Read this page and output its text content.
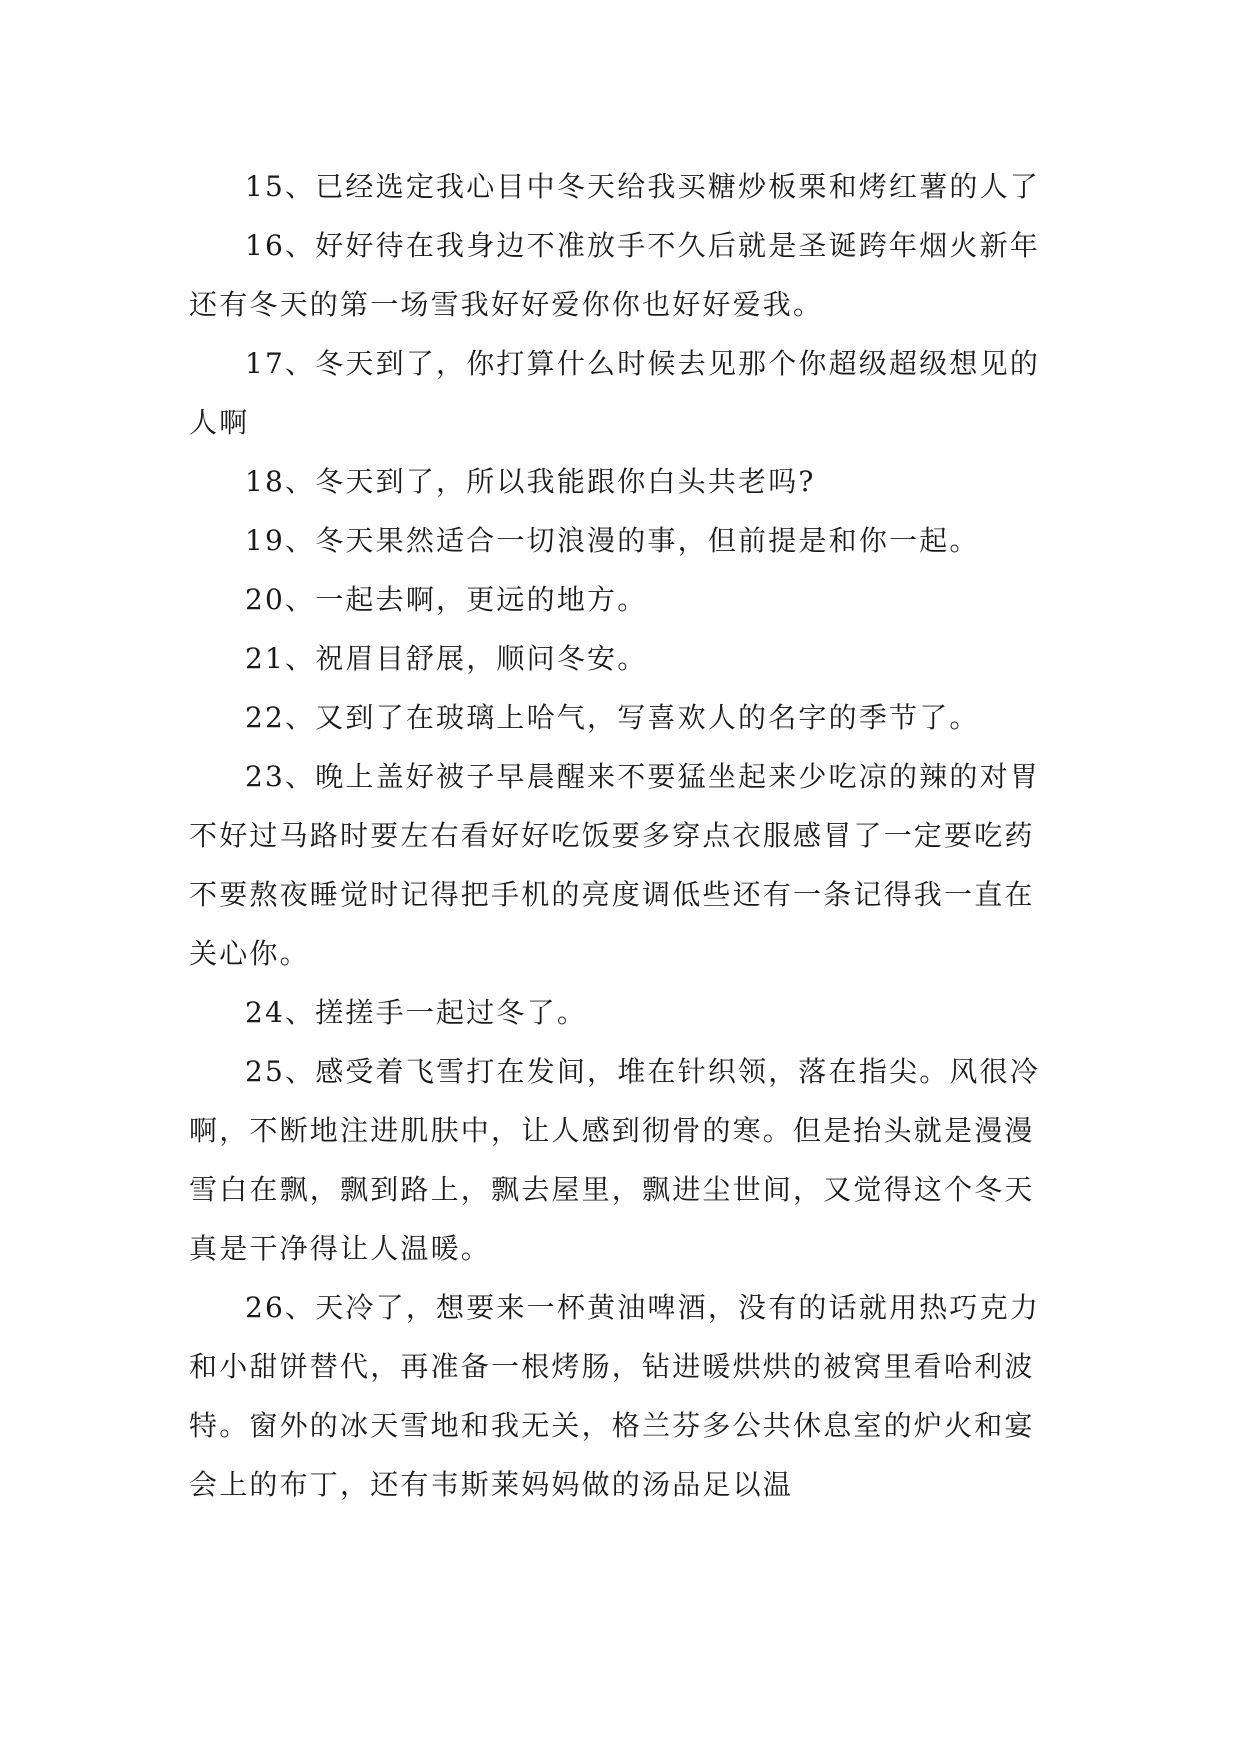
15、已经选定我心目中冬天给我买糖炒板栗和烤红薯的人了

16、好好待在我身边不准放手不久后就是圣诞跨年烟火新年还有冬天的第一场雪我好好爱你你也好好爱我。

17、冬天到了，你打算什么时候去见那个你超级超级想见的人啊

18、冬天到了，所以我能跟你白头共老吗?

19、冬天果然适合一切浪漫的事，但前提是和你一起。

20、一起去啊，更远的地方。

21、祝眉目舒展，顺问冬安。

22、又到了在玻璃上哈气，写喜欢人的名字的季节了。

23、晚上盖好被子早晨醒来不要猛坐起来少吃凉的辣的对胃不好过马路时要左右看好好吃饭要多穿点衣服感冒了一定要吃药不要熬夜睡觉时记得把手机的亮度调低些还有一条记得我一直在关心你。

24、搓搓手一起过冬了。

25、感受着飞雪打在发间，堆在针织领，落在指尖。风很冷啊，不断地注进肌肤中，让人感到彻骨的寒。但是抬头就是漫漫雪白在飘，飘到路上，飘去屋里，飘进尘世间，又觉得这个冬天真是干净得让人温暖。

26、天冷了，想要来一杯黄油啤酒，没有的话就用热巧克力和小甜饼替代，再准备一根烤肠，钻进暖烘烘的被窝里看哈利波特。窗外的冰天雪地和我无关，格兰芬多公共休息室的炉火和宴会上的布丁，还有韦斯莱妈妈做的汤品足以温
